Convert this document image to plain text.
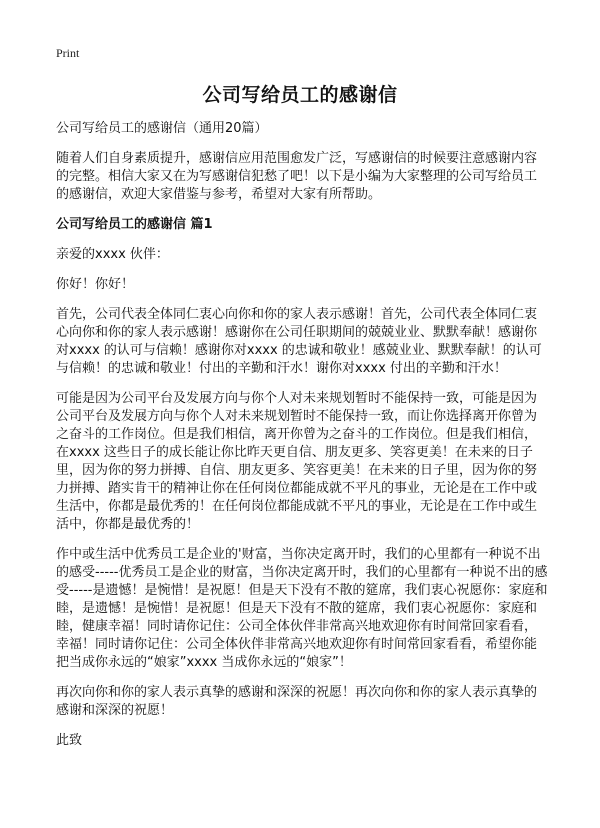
Print
公司写给员工的感谢信

公司写给员工的感谢信（通用20篇）

随着人们自身素质提升，感谢信应用范围愈发广泛，写感谢信的时候要注意感谢内容的完整。相信大家又在为写感谢信犯愁了吧！以下是小编为大家整理的公司写给员工的感谢信，欢迎大家借鉴与参考，希望对大家有所帮助。

公司写给员工的感谢信 篇1

亲爱的xxxx 伙伴：

你好！你好！

首先，公司代表全体同仁衷心向你和你的家人表示感谢！首先，公司代表全体同仁衷心向你和你的家人表示感谢！感谢你在公司任职期间的兢兢业业、默默奉献！感谢你对xxxx 的认可与信赖！感谢你对xxxx 的忠诚和敬业！感兢业业、默默奉献！的认可与信赖！的忠诚和敬业！付出的辛勤和汗水！谢你对xxxx 付出的辛勤和汗水！

可能是因为公司平台及发展方向与你个人对未来规划暂时不能保持一致，可能是因为公司平台及发展方向与你个人对未来规划暂时不能保持一致，而让你选择离开你曾为之奋斗的工作岗位。但是我们相信，离开你曾为之奋斗的工作岗位。但是我们相信，在xxxx 这些日子的成长能让你比昨天更自信、朋友更多、笑容更美！在未来的日子里，因为你的努力拼搏、自信、朋友更多、笑容更美！在未来的日子里，因为你的努力拼搏、踏实肯干的精神让你在任何岗位都能成就不平凡的事业，无论是在工作中或生活中，你都是最优秀的！在任何岗位都能成就不平凡的事业，无论是在工作中或生活中，你都是最优秀的！

作中或生活中优秀员工是企业的'财富，当你决定离开时，我们的心里都有一种说不出的感受-----优秀员工是企业的财富，当你决定离开时，我们的心里都有一种说不出的感受-----是遗憾！是惋惜！是祝愿！但是天下没有不散的筵席，我们衷心祝愿你：家庭和睦，是遗憾！是惋惜！是祝愿！但是天下没有不散的筵席，我们衷心祝愿你：家庭和睦，健康幸福！同时请你记住：公司全体伙伴非常高兴地欢迎你有时间常回家看看，幸福！同时请你记住：公司全体伙伴非常高兴地欢迎你有时间常回家看看，希望你能把当成你永远的“娘家”xxxx 当成你永远的“娘家”！

再次向你和你的家人表示真挚的感谢和深深的祝愿！再次向你和你的家人表示真挚的感谢和深深的祝愿！

此致
